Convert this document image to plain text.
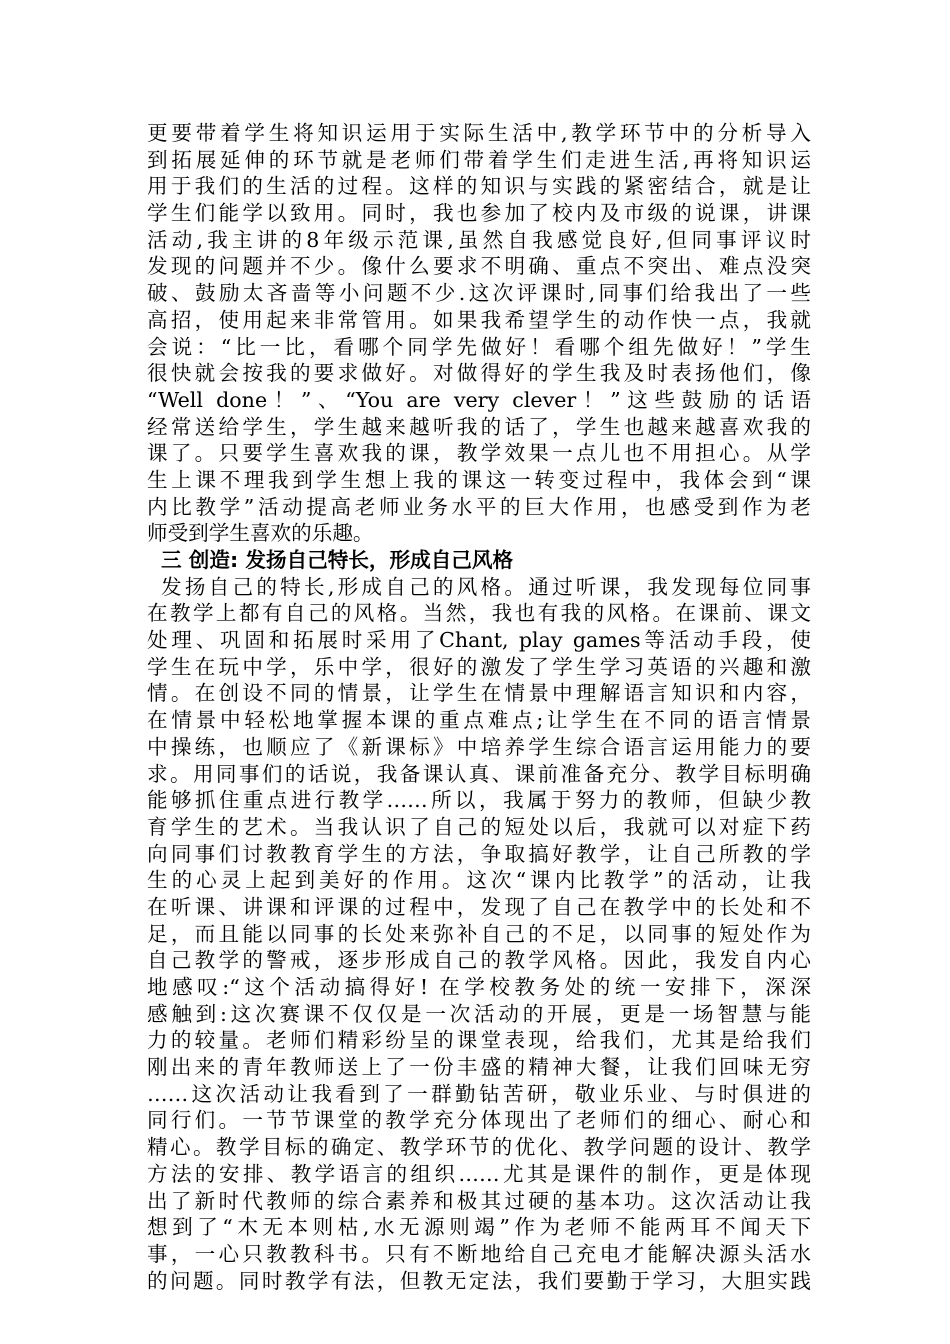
更要带着学生将知识运用于实际生活中,教学环节中的分析导入
到拓展延伸的环节就是老师们带着学生们走进生活,再将知识运
用于我们的生活的过程。这样的知识与实践的紧密结合，就是让
学生们能学以致用。同时，我也参加了校内及市级的说课，讲课
活动,我主讲的8年级示范课,虽然自我感觉良好,但同事评议时
发现的问题并不少。像什么要求不明确、重点不突出、难点没突
破、鼓励太吝啬等小问题不少.这次评课时,同事们给我出了一些
高招，使用起来非常管用。如果我希望学生的动作快一点，我就
会说：“比一比，看哪个同学先做好！看哪个组先做好！”学生
很快就会按我的要求做好。对做得好的学生我及时表扬他们，像
“Well done！”、“You are very clever！”这些鼓励的话语
经常送给学生，学生越来越听我的话了，学生也越来越喜欢我的
课了。只要学生喜欢我的课，教学效果一点儿也不用担心。从学
生上课不理我到学生想上我的课这一转变过程中，我体会到“课
内比教学”活动提高老师业务水平的巨大作用，也感受到作为老
师受到学生喜欢的乐趣。
三 创造: 发扬自己特长，形成自己风格
发扬自己的特长,形成自己的风格。通过听课，我发现每位同事
在教学上都有自己的风格。当然，我也有我的风格。在课前、课文
处理、巩固和拓展时采用了Chant, play games等活动手段，使
学生在玩中学，乐中学，很好的激发了学生学习英语的兴趣和激
情。在创设不同的情景，让学生在情景中理解语言知识和内容，
在情景中轻松地掌握本课的重点难点;让学生在不同的语言情景
中操练，也顺应了《新课标》中培养学生综合语言运用能力的要
求。用同事们的话说，我备课认真、课前准备充分、教学目标明确
能够抓住重点进行教学……所以，我属于努力的教师，但缺少教
育学生的艺术。当我认识了自己的短处以后，我就可以对症下药
向同事们讨教教育学生的方法，争取搞好教学，让自己所教的学
生的心灵上起到美好的作用。这次“课内比教学”的活动，让我
在听课、讲课和评课的过程中，发现了自己在教学中的长处和不
足，而且能以同事的长处来弥补自己的不足，以同事的短处作为
自己教学的警戒，逐步形成自己的教学风格。因此，我发自内心
地感叹:“这个活动搞得好! 在学校教务处的统一安排下，深深
感触到:这次赛课不仅仅是一次活动的开展，更是一场智慧与能
力的较量。老师们精彩纷呈的课堂表现，给我们，尤其是给我们
刚出来的青年教师送上了一份丰盛的精神大餐，让我们回味无穷
……这次活动让我看到了一群勤钻苦研，敬业乐业、与时俱进的
同行们。一节节课堂的教学充分体现出了老师们的细心、耐心和
精心。教学目标的确定、教学环节的优化、教学问题的设计、教学
方法的安排、教学语言的组织……尤其是课件的制作，更是体现
出了新时代教师的综合素养和极其过硬的基本功。这次活动让我
想到了“木无本则枯,水无源则竭”作为老师不能两耳不闻天下
事，一心只教教科书。只有不断地给自己充电才能解决源头活水
的问题。同时教学有法，但教无定法，我们要勤于学习，大胆实践
